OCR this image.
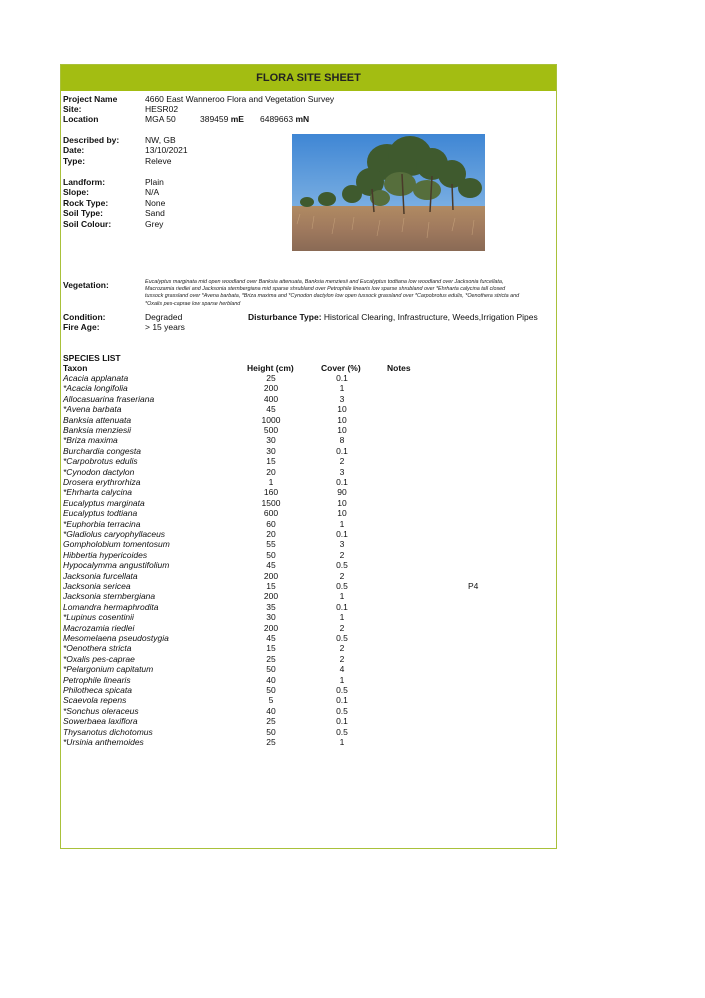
FLORA SITE SHEET
Project Name	4660 East Wanneroo Flora and Vegetation Survey
Site:	HESR02
Location	MGA 50	389459 mE 6489663 mN
Described by:	NW, GB
Date:	13/10/2021
Type:	Releve
Landform:	Plain
Slope:	N/A
Rock Type:	None
Soil Type:	Sand
Soil Colour:	Grey
Vegetation:	Eucalyptus marginata mid open woodland over Banksia attenuata, Banksia menziesii and Eucalyptus todtiana low woodland over Jacksonia furcellata, Macrozamia riedlei and Jacksonia sternbergiana mid sparse shrubland over Petrophile linearis low sparse shrubland over *Ehrharta calycina tall closed tussock grassland over *Avena barbata, *Briza maxima and *Cynodon dactylon low open tussock grassland over *Carpobrotus edulis, *Oenothera stricta and *Oxalis pes-caprae low sparse herbland
Condition:	Degraded	Disturbance Type: Historical Clearing, Infrastructure, Weeds,Irrigation Pipes
Fire Age:	> 15 years
SPECIES LIST
Taxon	Height (cm)	Cover (%)	Notes
Acacia applanata	25	0.1
*Acacia longifolia	200	1
Allocasuarina fraseriana	400	3
*Avena barbata	45	10
Banksia attenuata	1000	10
Banksia menziesii	500	10
*Briza maxima	30	8
Burchardia congesta	30	0.1
*Carpobrotus edulis	15	2
*Cynodon dactylon	20	3
Drosera erythrorhiza	1	0.1
*Ehrharta calycina	160	90
Eucalyptus marginata	1500	10
Eucalyptus todtiana	600	10
*Euphorbia terracina	60	1
*Gladiolus caryophyllaceus	20	0.1
Gompholobium tomentosum	55	3
Hibbertia hypericoides	50	2
Hypocalymma angustifolium	45	0.5
Jacksonia furcellata	200	2
Jacksonia sericea	15	0.5	P4
Jacksonia sternbergiana	200	1
Lomandra hermaphrodita	35	0.1
*Lupinus cosentinii	30	1
Macrozamia riedlei	200	2
Mesomelaena pseudostygia	45	0.5
*Oenothera stricta	15	2
*Oxalis pes-caprae	25	2
*Pelargonium capitatum	50	4
Petrophile linearis	40	1
Philotheca spicata	50	0.5
Scaevola repens	5	0.1
*Sonchus oleraceus	40	0.5
Sowerbaea laxiflora	25	0.1
Thysanotus dichotomus	50	0.5
*Ursinia anthemoides	25	1
